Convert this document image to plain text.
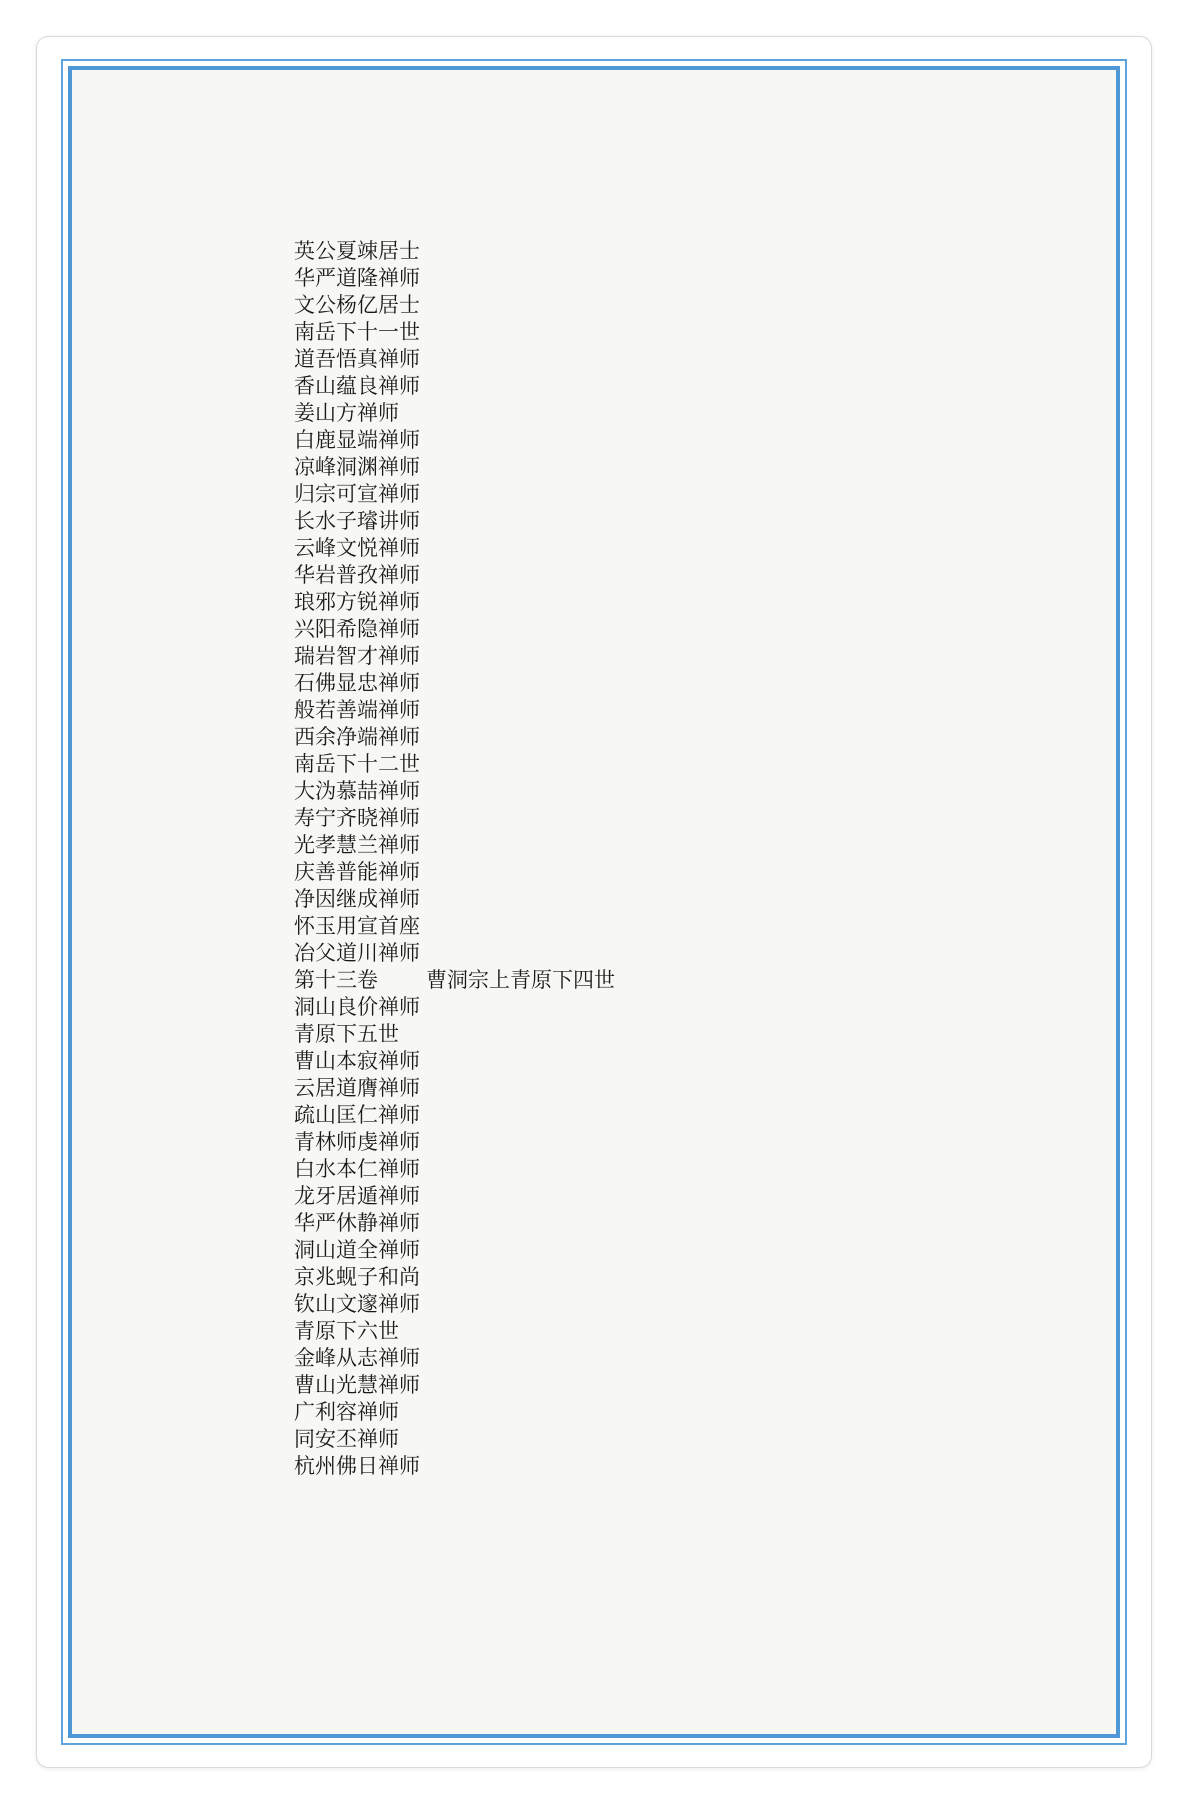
英公夏竦居士
华严道隆禅师
文公杨亿居士
南岳下十一世
道吾悟真禅师
香山蕴良禅师
姜山方禅师
白鹿显端禅师
凉峰洞渊禅师
归宗可宣禅师
长水子璿讲师
云峰文悦禅师
华岩普孜禅师
琅邪方锐禅师
兴阳希隐禅师
瑞岩智才禅师
石佛显忠禅师
般若善端禅师
西余净端禅师
南岳下十二世
大沩慕喆禅师
寿宁齐晓禅师
光孝慧兰禅师
庆善普能禅师
净因继成禅师
怀玉用宣首座
冶父道川禅师
第十三卷 曹洞宗上青原下四世
洞山良价禅师
青原下五世
曹山本寂禅师
云居道膺禅师
疏山匡仁禅师
青林师虔禅师
白水本仁禅师
龙牙居遁禅师
华严休静禅师
洞山道全禅师
京兆蚬子和尚
钦山文邃禅师
青原下六世
金峰从志禅师
曹山光慧禅师
广利容禅师
同安丕禅师
杭州佛日禅师
